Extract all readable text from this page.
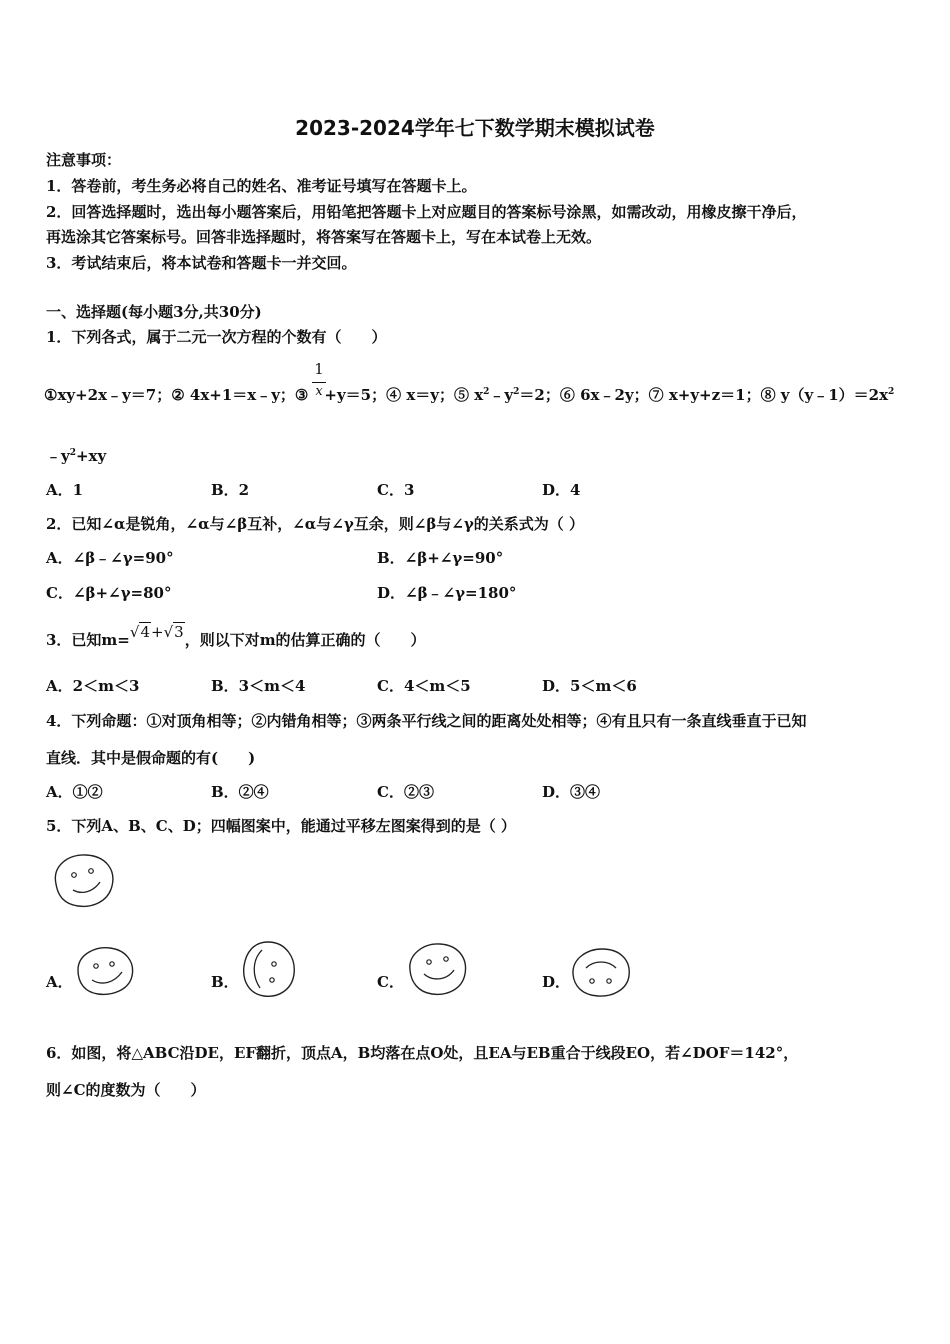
2023-2024学年七下数学期末模拟试卷
注意事项：
1．答卷前，考生务必将自己的姓名、准考证号填写在答题卡上。
2．回答选择题时，选出每小题答案后，用铅笔把答题卡上对应题目的答案标号涂黑，如需改动，用橡皮擦干净后，
再选涂其它答案标号。回答非选择题时，将答案写在答题卡上，写在本试卷上无效。
3．考试结束后，将本试卷和答题卡一并交回。
一、选择题(每小题3分,共30分)
1．下列各式，属于二元一次方程的个数有（　　）
①xy+2x﹣y＝7；② 4x+1＝x﹣y；③ +y＝5；④ x＝y；⑤ $x^2﹣y^2=2$；⑥ 6x﹣2y；⑦ x+y+z＝1；⑧ $y(y﹣1)=2x^2$
1
x
$﹣y^2+xy$
A．1	B．2	C．3	D．4
2．已知∠α是锐角，∠α与∠β互补，∠α与∠γ互余，则∠β与∠γ的关系式为（ ）
A．∠β﹣∠γ=90°	B．∠β+∠γ=90°
C．∠β+∠γ=80°	D．∠β﹣∠γ=180°
3．已知m=√4+√3，则以下对m的估算正确的（　　）
A．2＜m＜3	B．3＜m＜4	C．4＜m＜5	D．5＜m＜6
4．下列命题：①对顶角相等；②内错角相等；③两条平行线之间的距离处处相等；④有且只有一条直线垂直于已知
直线．其中是假命题的有(　　)
A．①②	B．②④	C．②③	D．③④
5．下列A、B、C、D；四幅图案中，能通过平移左图案得到的是（ ）
A．	B．	C．	D．
6．如图，将△ABC沿DE，EF翻折，顶点A，B均落在点O处，且EA与EB重合于线段EO，若∠DOF＝142°，
则∠C的度数为（　　）
